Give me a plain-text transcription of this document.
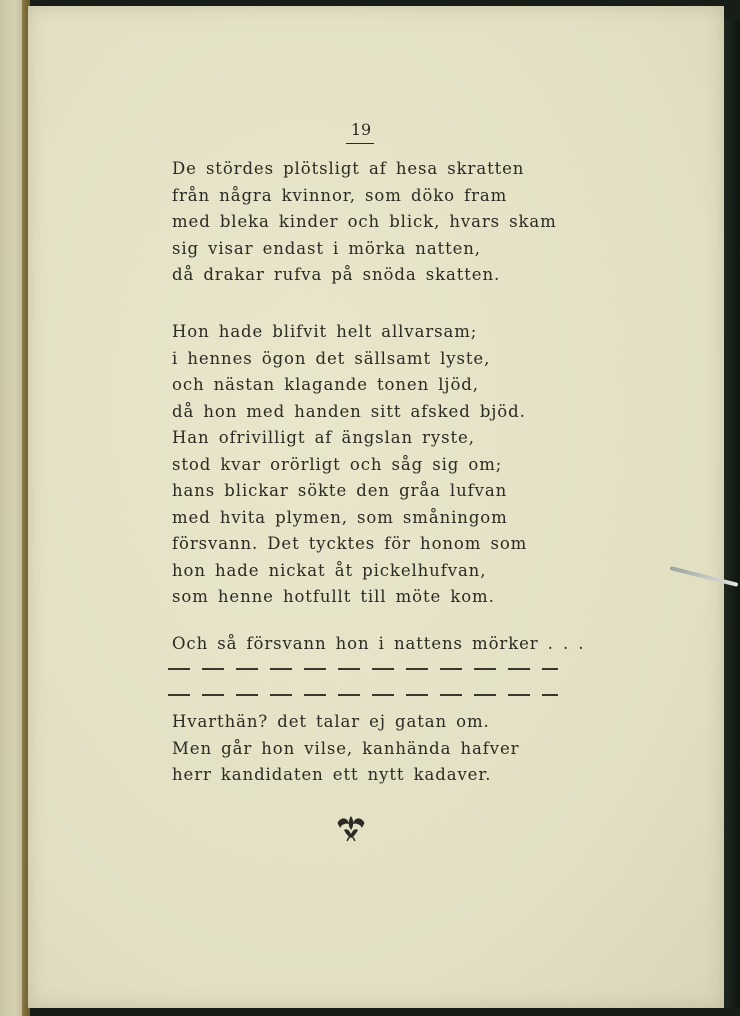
19
De stördes plötsligt af hesa skratten
från några kvinnor, som döko fram
med bleka kinder och blick, hvars skam
sig visar endast i mörka natten,
då drakar rufva på snöda skatten.
Hon hade blifvit helt allvarsam;
i hennes ögon det sällsamt lyste,
och nästan klagande tonen ljöd,
då hon med handen sitt afsked bjöd.
Han ofrivilligt af ängslan ryste,
stod kvar orörligt och såg sig om;
hans blickar sökte den gråa lufvan
med hvita plymen, som småningom
försvann. Det tycktes för honom som
hon hade nickat åt pickelhufvan,
som henne hotfullt till möte kom.
Och så försvann hon i nattens mörker . . .
Hvarthän? det talar ej gatan om.
Men går hon vilse, kanhända hafver
herr kandidaten ett nytt kadaver.
